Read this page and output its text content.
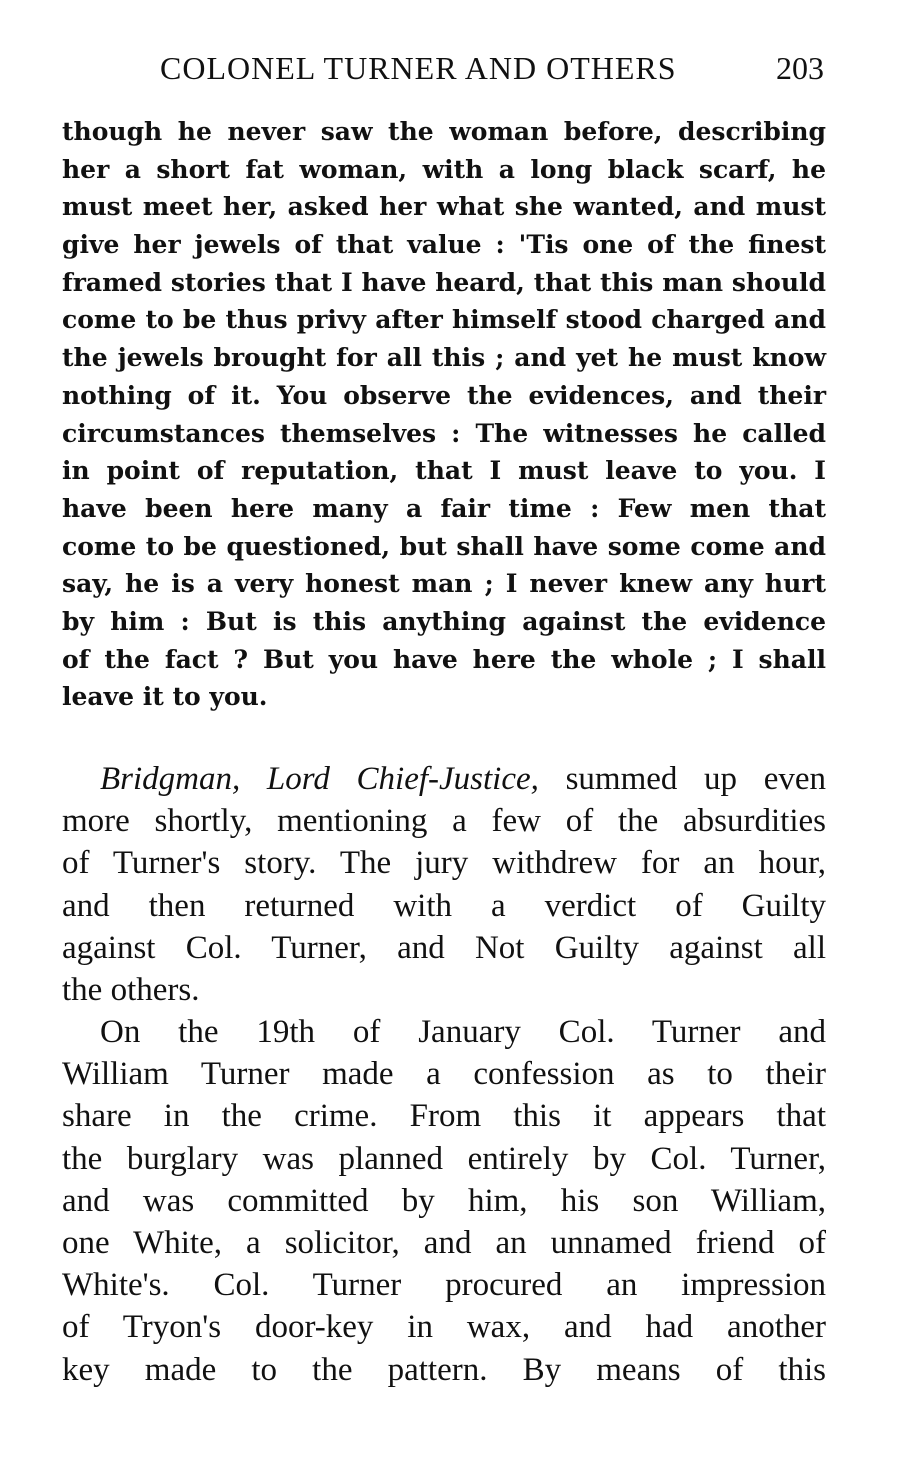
COLONEL TURNER AND OTHERS	203
though he never saw the woman before, describing
her a short fat woman, with a long black scarf, he
must meet her, asked her what she wanted, and must
give her jewels of that value : 'Tis one of the finest
framed stories that I have heard, that this man should
come to be thus privy after himself stood charged and
the jewels brought for all this ; and yet he must know
nothing of it. You observe the evidences, and their
circumstances themselves : The witnesses he called
in point of reputation, that I must leave to you. I
have been here many a fair time : Few men that
come to be questioned, but shall have some come and
say, he is a very honest man ; I never knew any hurt
by him : But is this anything against the evidence
of the fact ? But you have here the whole ; I shall
leave it to you.
Bridgman, Lord Chief-Justice, summed up even
more shortly, mentioning a few of the absurdities
of Turner's story. The jury withdrew for an hour,
and then returned with a verdict of Guilty
against Col. Turner, and Not Guilty against all
the others.
On the 19th of January Col. Turner and
William Turner made a confession as to their
share in the crime. From this it appears that
the burglary was planned entirely by Col. Turner,
and was committed by him, his son William,
one White, a solicitor, and an unnamed friend of
White's. Col. Turner procured an impression
of Tryon's door-key in wax, and had another
key made to the pattern. By means of this
